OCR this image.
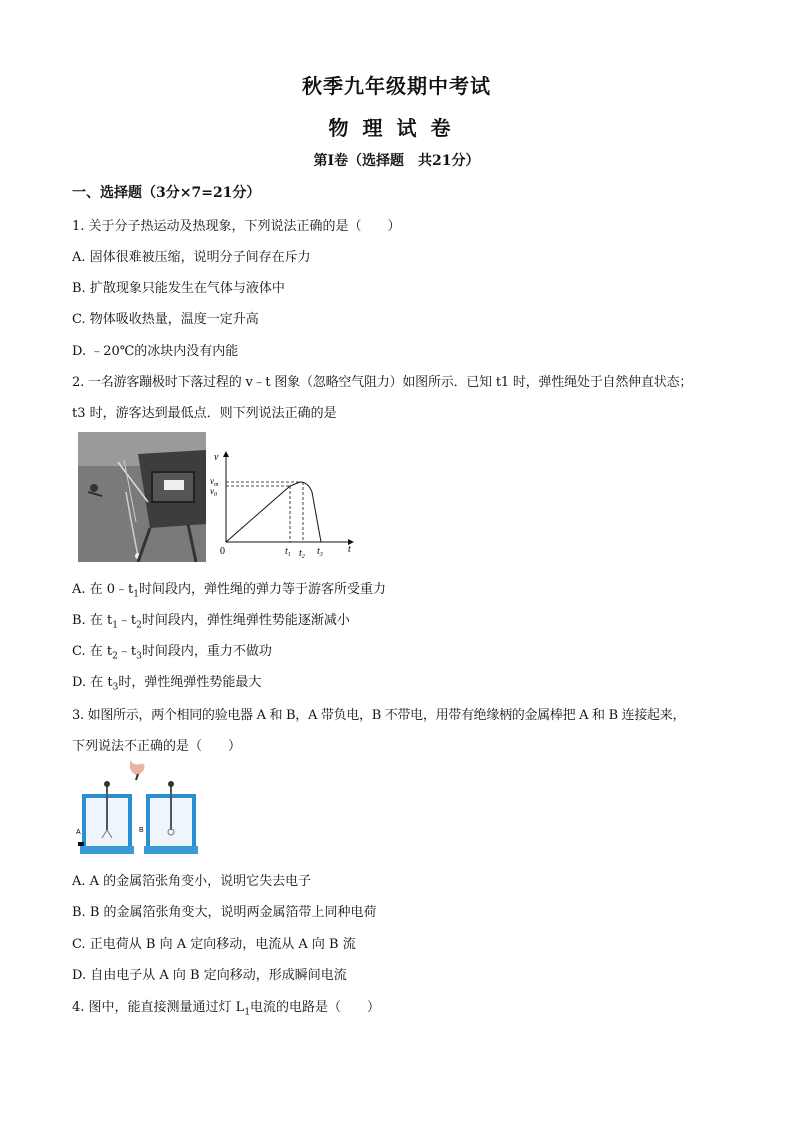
秋季九年级期中考试
物理试卷
第Ⅰ卷（选择题　共21分）
一、选择题（3分×7=21分）
1. 关于分子热运动及热现象，下列说法正确的是（　　）
A. 固体很难被压缩，说明分子间存在斥力
B. 扩散现象只能发生在气体与液体中
C. 物体吸收热量，温度一定升高
D. ﹣20℃的冰块内没有内能
2. 一名游客蹦极时下落过程的 v﹣t 图象（忽略空气阻力）如图所示．已知 t1 时，弹性绳处于自然伸直状态；
t3 时，游客达到最低点．则下列说法正确的是
v
$v_m$
$v_0$
0	$t_1$ $t_2$ $t_3$	t
A. 在 $0﹣t_1$时间段内，弹性绳的弹力等于游客所受重力
B. 在 $t_1﹣t_2$时间段内，弹性绳弹性势能逐渐减小
C. 在 $t_2﹣t_3$时间段内，重力不做功
D. 在 $t_3$时，弹性绳弹性势能最大
3. 如图所示，两个相同的验电器 A 和 B，A 带负电，B 不带电，用带有绝缘柄的金属棒把 A 和 B 连接起来，
下列说法不正确的是（　　）
A	B
A. A 的金属箔张角变小，说明它失去电子
B. B 的金属箔张角变大，说明两金属箔带上同种电荷
C. 正电荷从 B 向 A 定向移动，电流从 A 向 B 流
D. 自由电子从 A 向 B 定向移动，形成瞬间电流
4. 图中，能直接测量通过灯 $L_1$电流的电路是（　　）
